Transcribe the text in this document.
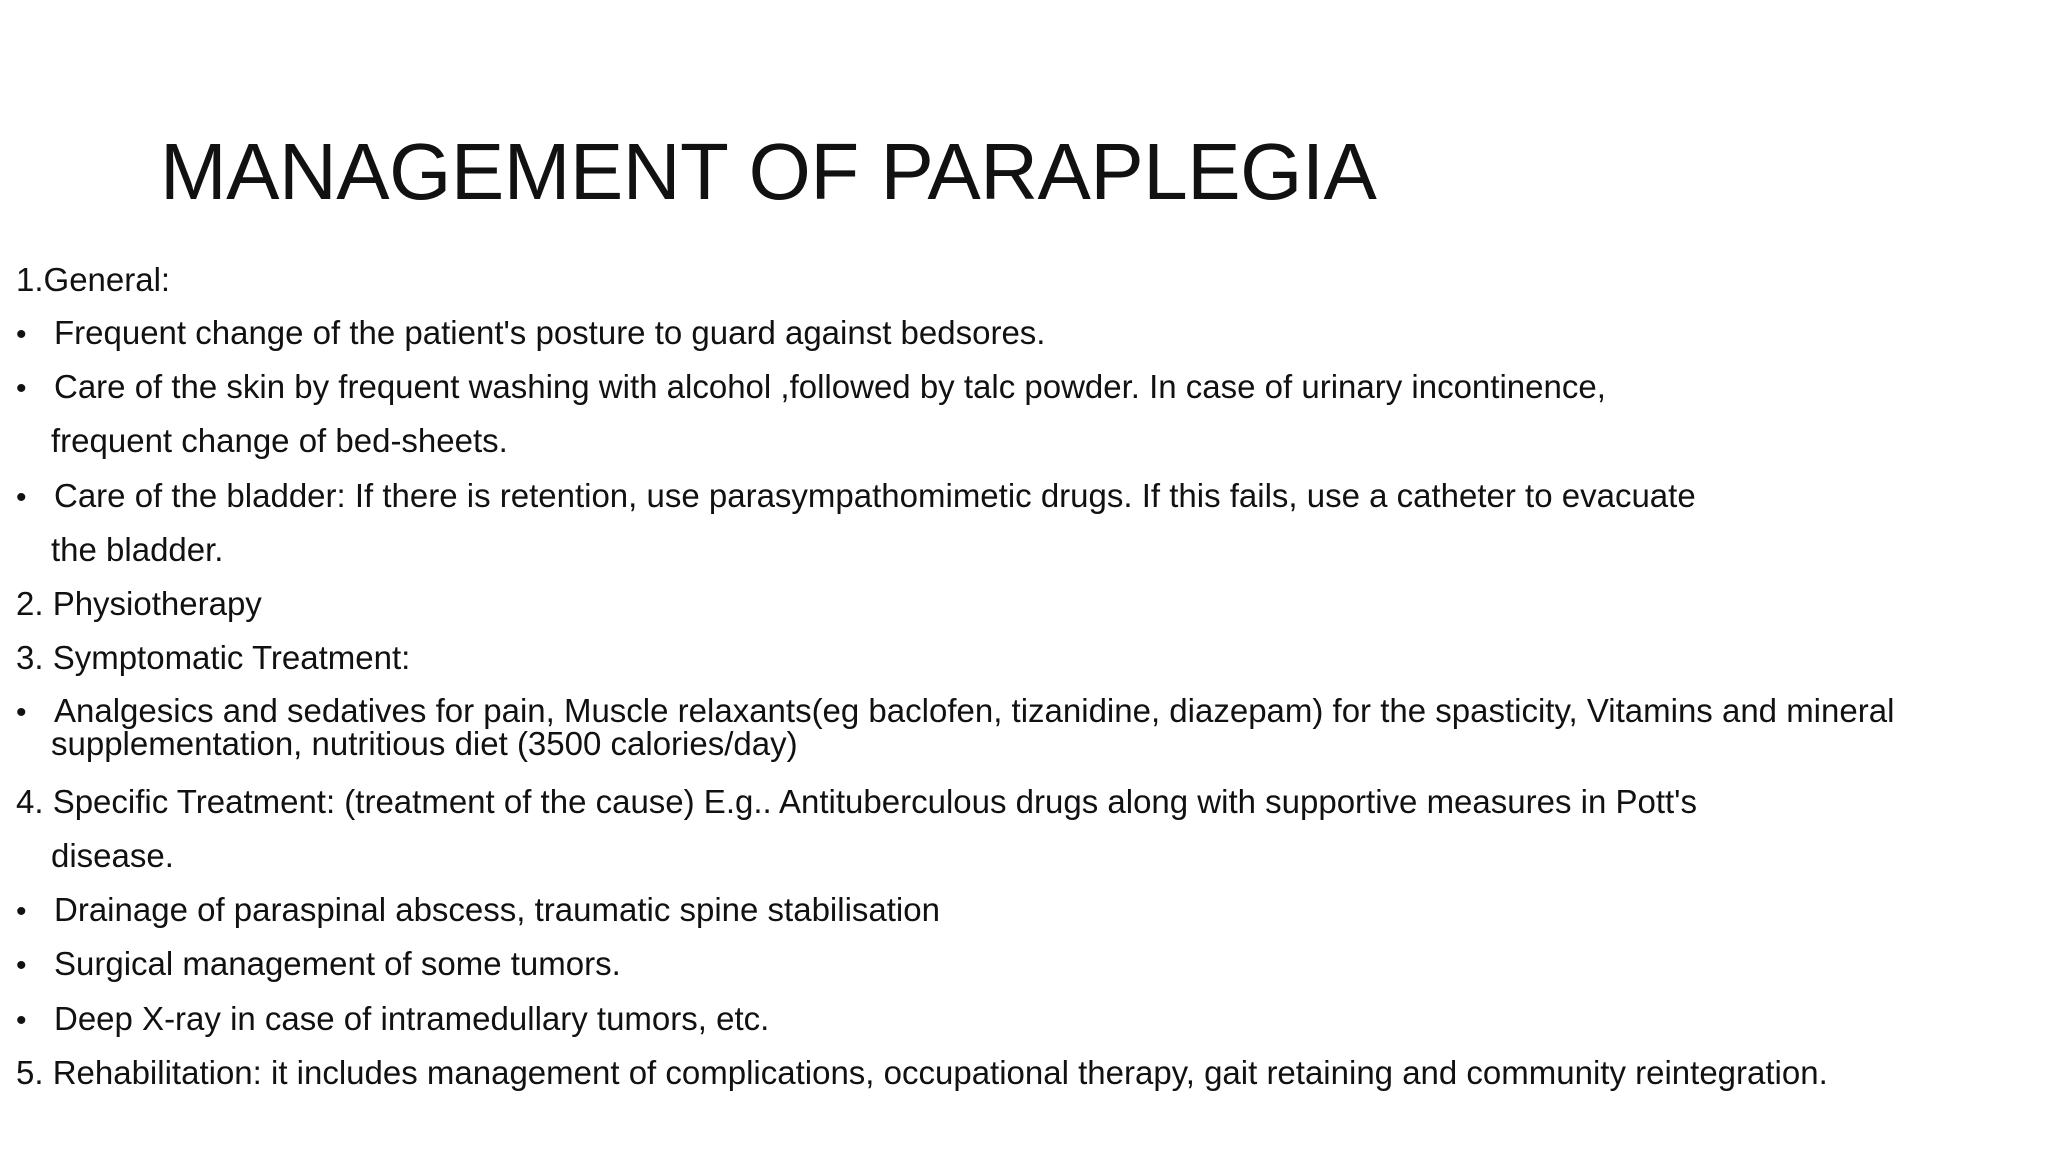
MANAGEMENT OF PARAPLEGIA
1.General:
• Frequent change of the patient's posture to guard against bedsores.
• Care of the skin by frequent washing with alcohol ,followed by talc powder. In case of urinary incontinence,
frequent change of bed-sheets.
• Care of the bladder: If there is retention, use parasympathomimetic drugs. If this fails, use a catheter to evacuate
the bladder.
2. Physiotherapy
3. Symptomatic Treatment:
• Analgesics and sedatives for pain, Muscle relaxants(eg baclofen, tizanidine, diazepam) for the spasticity, Vitamins and mineral
supplementation, nutritious diet (3500 calories/day)
4. Specific Treatment: (treatment of the cause) E.g.. Antituberculous drugs along with supportive measures in Pott's
disease.
• Drainage of paraspinal abscess, traumatic spine stabilisation
• Surgical management of some tumors.
• Deep X-ray in case of intramedullary tumors, etc.
5. Rehabilitation: it includes management of complications, occupational therapy, gait retaining and community reintegration.
